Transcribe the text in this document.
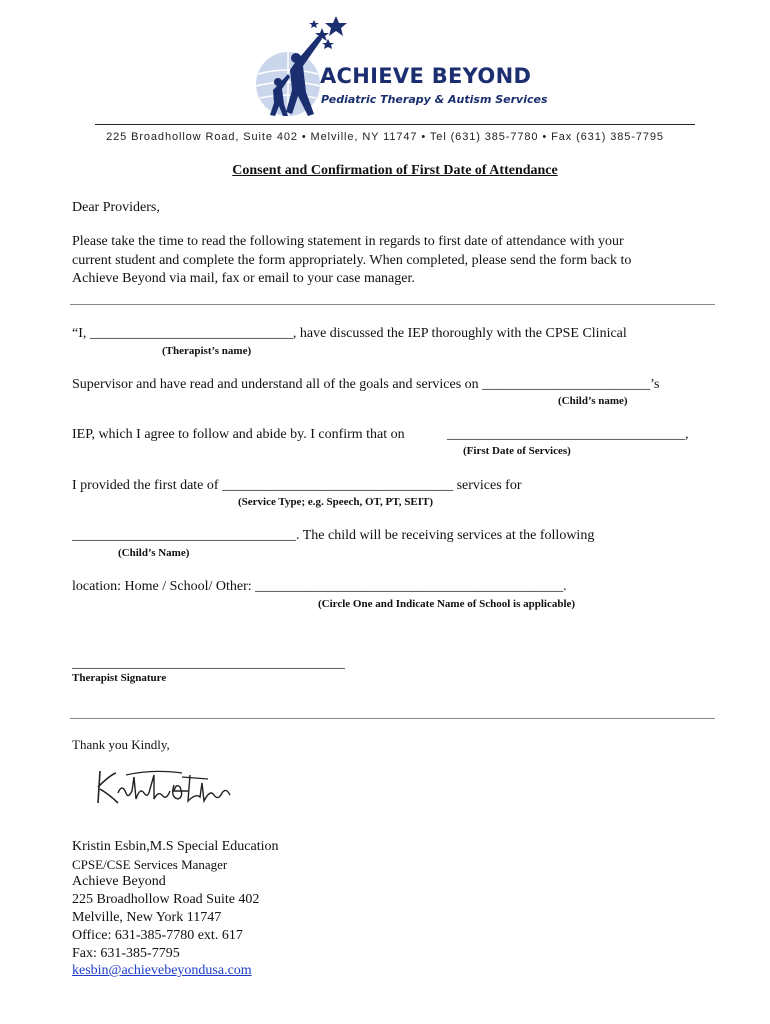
ACHIEVE BEYOND
Pediatric Therapy & Autism Services
225 Broadhollow Road, Suite 402 • Melville, NY 11747 • Tel (631) 385-7780 • Fax (631) 385-7795
Consent and Confirmation of First Date of Attendance
Dear Providers,
Please take the time to read the following statement in regards to first date of attendance with your
current student and complete the form appropriately. When completed, please send the form back to
Achieve Beyond via mail, fax or email to your case manager.
“I, _____________________________, have discussed the IEP thoroughly with the CPSE Clinical
(Therapist’s name)
Supervisor and have read and understand all of the goals and services on ________________________’s
(Child’s name)
IEP, which I agree to follow and abide by. I confirm that on	__________________________________,
(First Date of Services)
I provided the first date of _________________________________ services for
(Service Type; e.g. Speech, OT, PT, SEIT)
________________________________. The child will be receiving services at the following
(Child’s Name)
location: Home / School/ Other: ____________________________________________.
(Circle One and Indicate Name of School is applicable)
_______________________________________
Therapist Signature
Thank you Kindly,
Kristin Esbin,M.S Special Education
CPSE/CSE Services Manager
Achieve Beyond
225 Broadhollow Road Suite 402
Melville, New York 11747
Office: 631-385-7780 ext. 617
Fax: 631-385-7795
kesbin@achievebeyondusa.com
